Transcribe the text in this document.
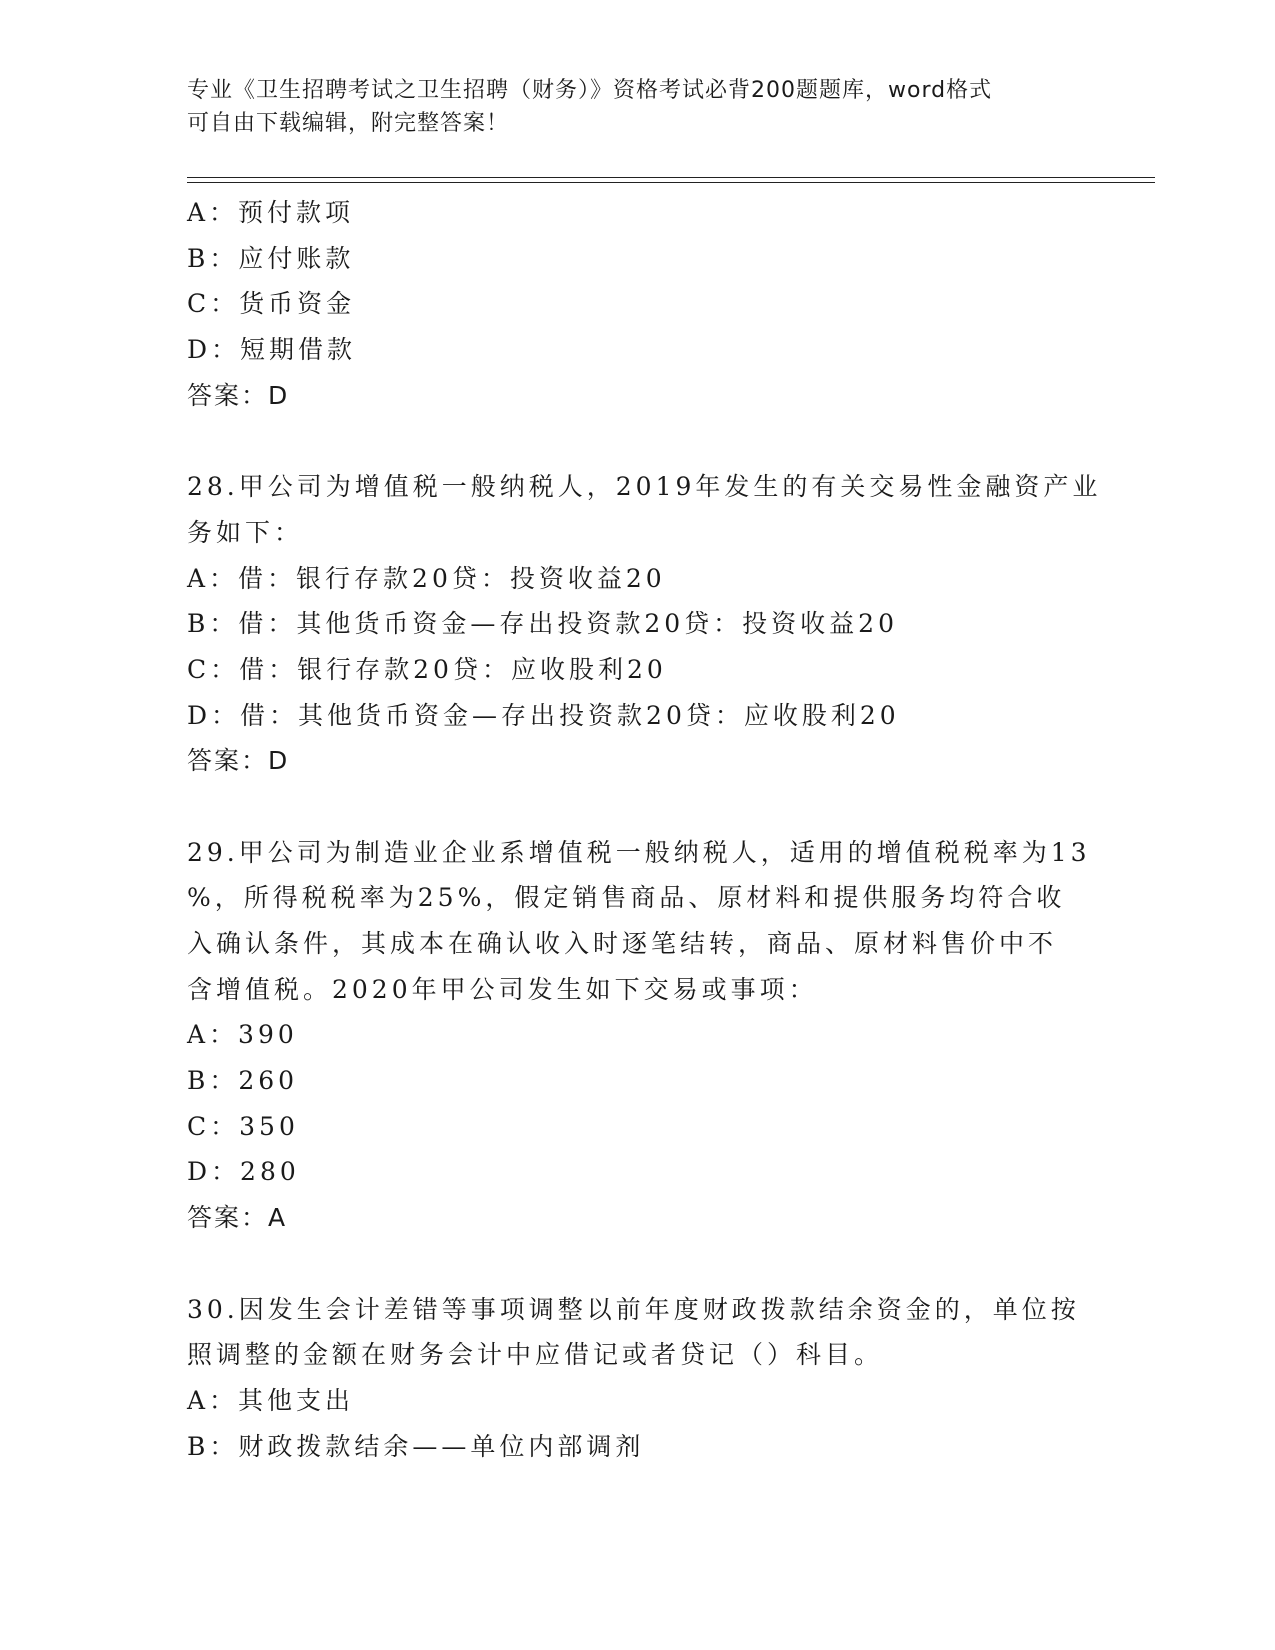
专业《卫生招聘考试之卫生招聘（财务）》资格考试必背200题题库，word格式
可自由下载编辑，附完整答案！
A：预付款项
B：应付账款
C：货币资金
D：短期借款
答案：D
28.甲公司为增值税一般纳税人，2019年发生的有关交易性金融资产业
务如下：
A：借：银行存款20贷：投资收益20
B：借：其他货币资金—存出投资款20贷：投资收益20
C：借：银行存款20贷：应收股利20
D：借：其他货币资金—存出投资款20贷：应收股利20
答案：D
29.甲公司为制造业企业系增值税一般纳税人，适用的增值税税率为13
%，所得税税率为25%，假定销售商品、原材料和提供服务均符合收
入确认条件，其成本在确认收入时逐笔结转，商品、原材料售价中不
含增值税。2020年甲公司发生如下交易或事项：
A：390
B：260
C：350
D：280
答案：A
30.因发生会计差错等事项调整以前年度财政拨款结余资金的，单位按
照调整的金额在财务会计中应借记或者贷记（）科目。
A：其他支出
B：财政拨款结余——单位内部调剂
